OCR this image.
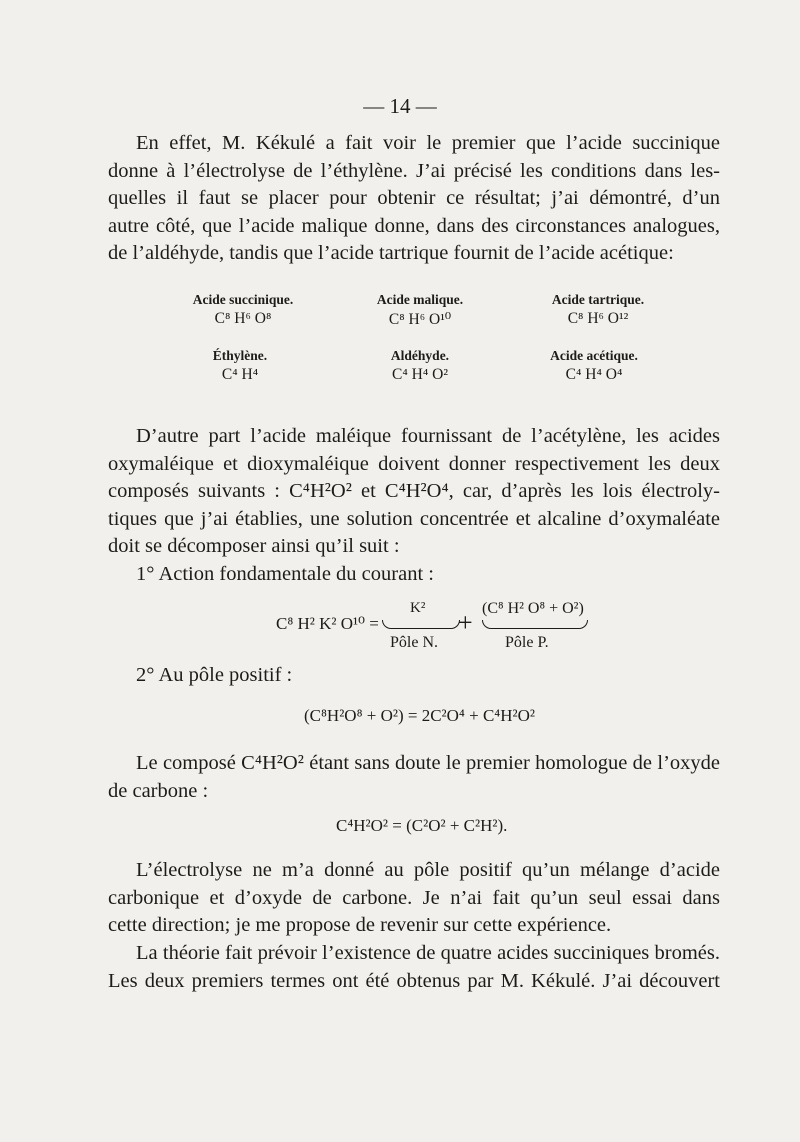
— 14 —
En effet, M. Kékulé a fait voir le premier que l’acide succinique
donne à l’électrolyse de l’éthylène. J’ai précisé les conditions dans les-
quelles il faut se placer pour obtenir ce résultat; j’ai démontré, d’un
autre côté, que l’acide malique donne, dans des circonstances analogues,
de l’aldéhyde, tandis que l’acide tartrique fournit de l’acide acétique:
Acide succinique.
C⁸ H⁶ O⁸
Acide malique.
C⁸ H⁶ O¹⁰
Acide tartrique.
C⁸ H⁶ O¹²
Éthylène.
C⁴ H⁴
Aldéhyde.
C⁴ H⁴ O²
Acide acétique.
C⁴ H⁴ O⁴
D’autre part l’acide maléique fournissant de l’acétylène, les acides
oxymaléique et dioxymaléique doivent donner respectivement les deux
composés suivants : C⁴H²O² et C⁴H²O⁴, car, d’après les lois électroly-
tiques que j’ai établies, une solution concentrée et alcaline d’oxymaléate
doit se décomposer ainsi qu’il suit :
1° Action fondamentale du courant :
C⁸ H² K² O¹⁰ =
K²
Pôle N.
+ (C⁸ H² O⁸ + O²)
Pôle P.
2° Au pôle positif :
(C⁸H²O⁸ + O²) = 2C²O⁴ + C⁴H²O²
Le composé C⁴H²O² étant sans doute le premier homologue de l’oxyde
de carbone :
C⁴H²O² = (C²O² + C²H²).
L’électrolyse ne m’a donné au pôle positif qu’un mélange d’acide
carbonique et d’oxyde de carbone. Je n’ai fait qu’un seul essai dans
cette direction; je me propose de revenir sur cette expérience.
La théorie fait prévoir l’existence de quatre acides succiniques bromés.
Les deux premiers termes ont été obtenus par M. Kékulé. J’ai découvert
